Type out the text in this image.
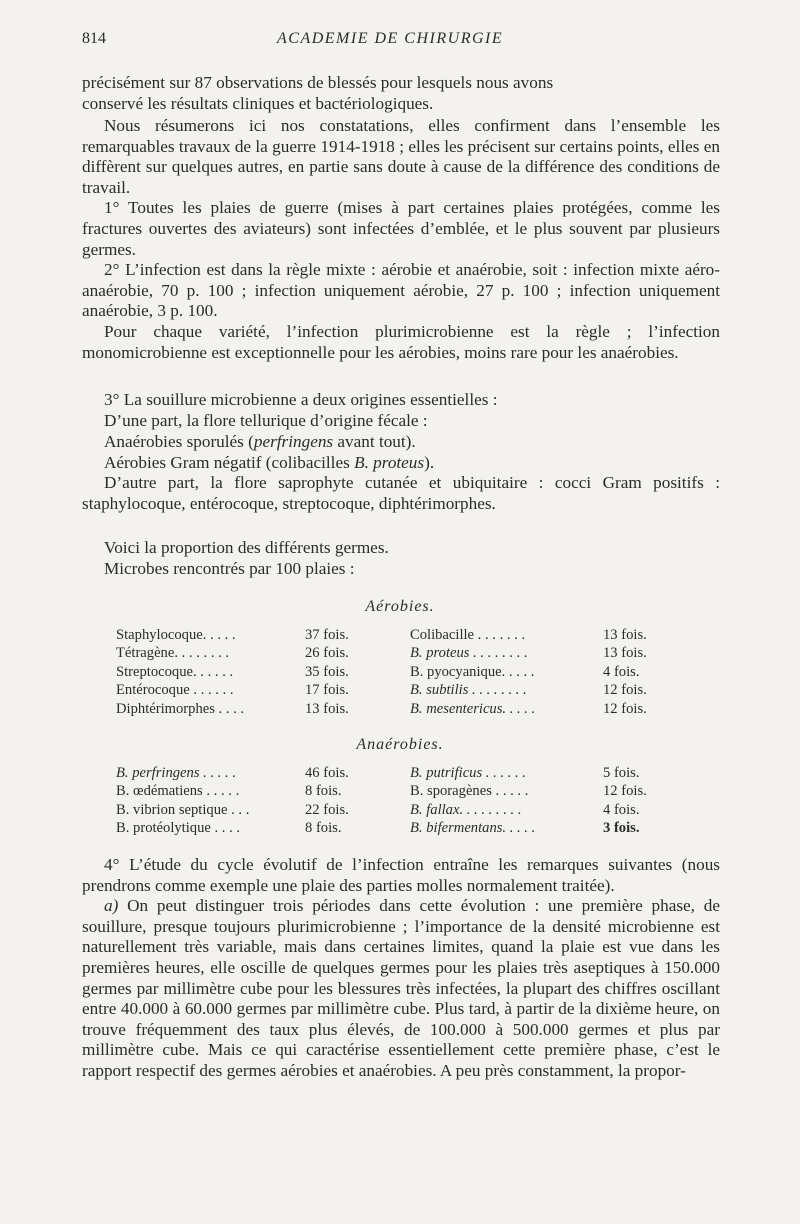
814	ACADEMIE DE CHIRURGIE
précisément sur 87 observations de blessés pour lesquels nous avons
conservé les résultats cliniques et bactériologiques.

Nous résumerons ici nos constatations, elles confirment dans l’ensemble les remarquables travaux de la guerre 1914-1918 ; elles les précisent sur certains points, elles en diffèrent sur quelques autres, en partie sans doute à cause de la différence des conditions de travail.

1° Toutes les plaies de guerre (mises à part certaines plaies protégées, comme les fractures ouvertes des aviateurs) sont infectées d’emblée, et le plus souvent par plusieurs germes.

2° L’infection est dans la règle mixte : aérobie et anaérobie, soit : infection mixte aéro-anaérobie, 70 p. 100 ; infection uniquement aérobie, 27 p. 100 ; infection uniquement anaérobie, 3 p. 100.

Pour chaque variété, l’infection plurimicrobienne est la règle ; l’infection monomicrobienne est exceptionnelle pour les aérobies, moins rare pour les anaérobies.

3° La souillure microbienne a deux origines essentielles :
D’une part, la flore tellurique d’origine fécale :
Anaérobies sporulés (perfringens avant tout).
Aérobies Gram négatif (colibacilles B. proteus).

D’autre part, la flore saprophyte cutanée et ubiquitaire : cocci Gram positifs : staphylocoque, entérocoque, streptocoque, diphtérimorphes.

Voici la proportion des différents germes.
Microbes rencontrés par 100 plaies :
Aérobies.
Staphylocoque. . . . .	37 fois.	Colibacille . . . . . . .	13 fois.
Tétragène. . . . . . . .	26 fois.	B. proteus . . . . . . . .	13 fois.
Streptocoque. . . . . .	35 fois.	B. pyocyanique. . . . .	4 fois.
Entérocoque . . . . . .	17 fois.	B. subtilis . . . . . . . .	12 fois.
Diphtérimorphes . . . .	13 fois.	B. mesentericus. . . . .	12 fois.
Anaérobies.
B. perfringens . . . . .	46 fois.	B. putrificus . . . . . .	5 fois.
B. œdématiens . . . . .	8 fois.	B. sporagènes . . . . .	12 fois.
B. vibrion septique . . .	22 fois.	B. fallax. . . . . . . . .	4 fois.
B. protéolytique . . . .	8 fois.	B. bifermentans. . . . .	3 fois.

4° L’étude du cycle évolutif de l’infection entraîne les remarques suivantes (nous prendrons comme exemple une plaie des parties molles normalement traitée).

a) On peut distinguer trois périodes dans cette évolution : une première phase, de souillure, presque toujours plurimicrobienne ; l’importance de la densité microbienne est naturellement très variable, mais dans certaines limites, quand la plaie est vue dans les premières heures, elle oscille de quelques germes pour les plaies très aseptiques à 150.000 germes par millimètre cube pour les blessures très infectées, la plupart des chiffres oscillant entre 40.000 à 60.000 germes par millimètre cube. Plus tard, à partir de la dixième heure, on trouve fréquemment des taux plus élevés, de 100.000 à 500.000 germes et plus par millimètre cube. Mais ce qui caractérise essentiellement cette première phase, c’est le rapport respectif des germes aérobies et anaérobies. A peu près constamment, la propor-
